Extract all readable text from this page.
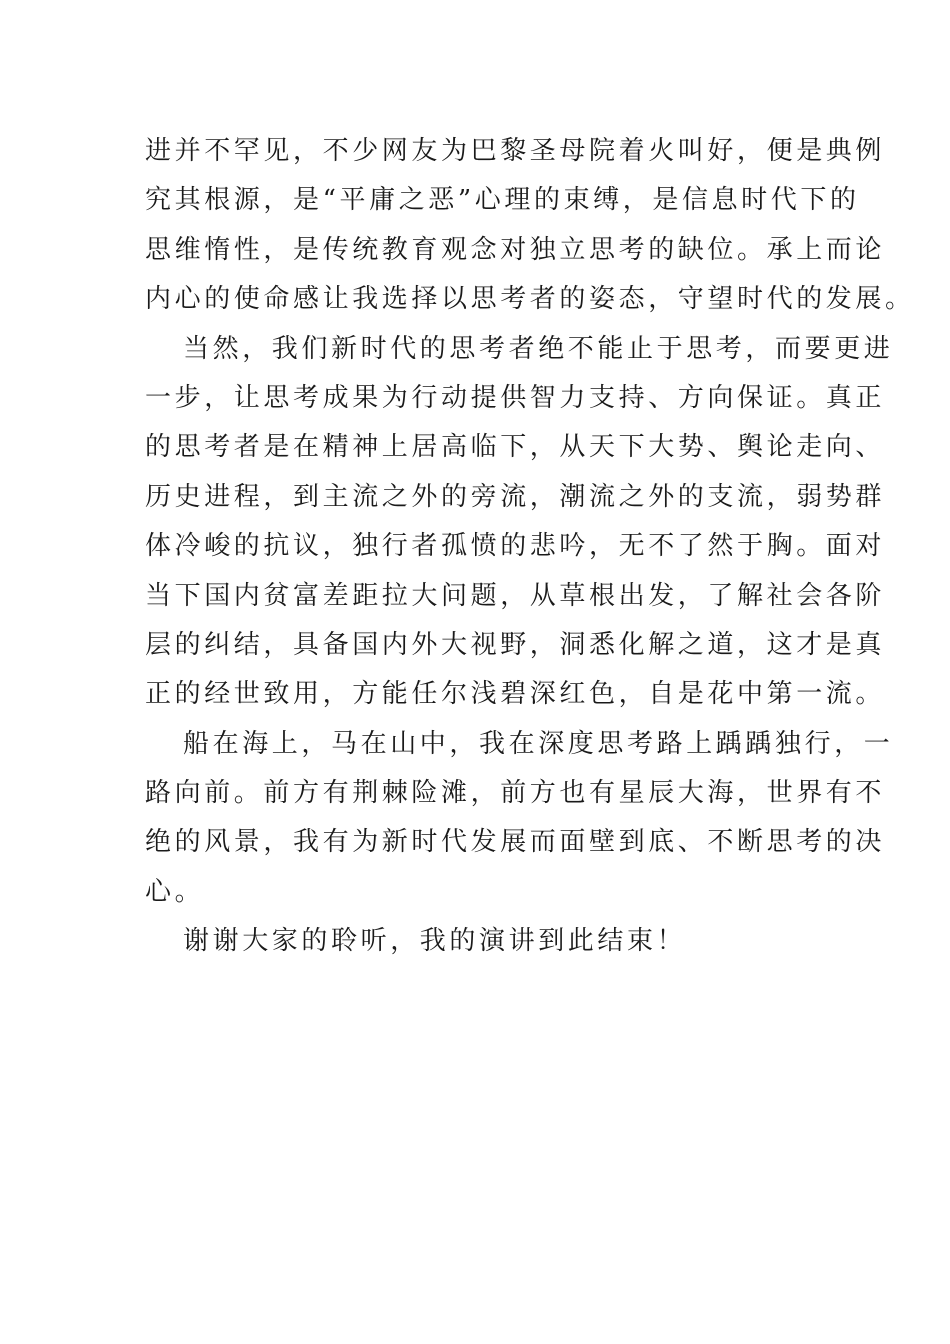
进并不罕见，不少网友为巴黎圣母院着火叫好，便是典例
究其根源，是“平庸之恶”心理的束缚，是信息时代下的
思维惰性，是传统教育观念对独立思考的缺位。承上而论
内心的使命感让我选择以思考者的姿态，守望时代的发展。
当然，我们新时代的思考者绝不能止于思考，而要更进
一步，让思考成果为行动提供智力支持、方向保证。真正
的思考者是在精神上居高临下，从天下大势、舆论走向、
历史进程，到主流之外的旁流，潮流之外的支流，弱势群
体冷峻的抗议，独行者孤愤的悲吟，无不了然于胸。面对
当下国内贫富差距拉大问题，从草根出发，了解社会各阶
层的纠结，具备国内外大视野，洞悉化解之道，这才是真
正的经世致用，方能任尔浅碧深红色，自是花中第一流。
船在海上，马在山中，我在深度思考路上踽踽独行，一
路向前。前方有荆棘险滩，前方也有星辰大海，世界有不
绝的风景，我有为新时代发展而面壁到底、不断思考的决
心。
谢谢大家的聆听，我的演讲到此结束！
